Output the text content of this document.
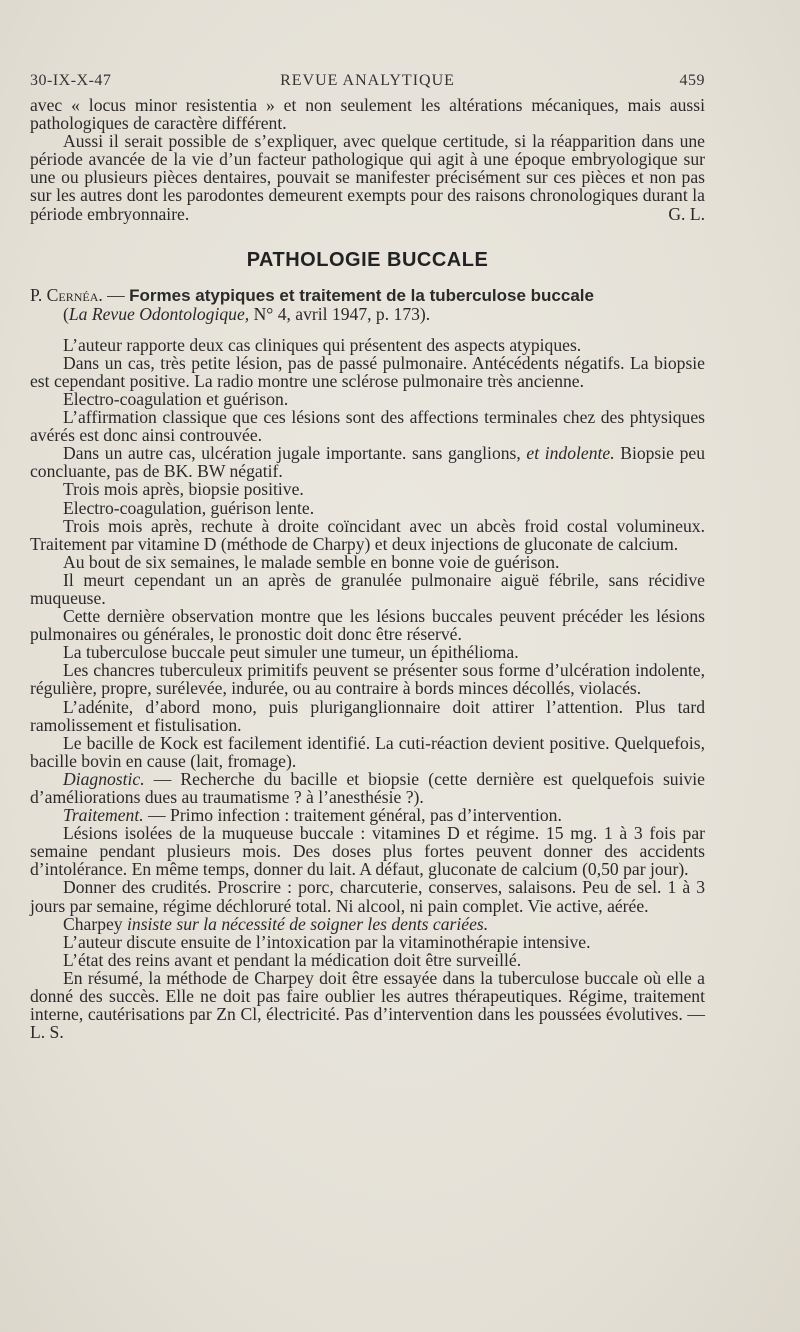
30-IX-X-47	REVUE ANALYTIQUE	459

avec « locus minor resistentia » et non seulement les altérations mécaniques, mais aussi pathologiques de caractère différent.

Aussi il serait possible de s’expliquer, avec quelque certitude, si la réapparition dans une période avancée de la vie d’un facteur pathologique qui agit à une époque embryologique sur une ou plusieurs pièces dentaires, pouvait se manifester précisément sur ces pièces et non pas sur les autres dont les parodontes demeurent exempts pour des raisons chronologiques durant la période embryonnaire.	G. L.

PATHOLOGIE BUCCALE
P. Cernéa. — Formes atypiques et traitement de la tuberculose buccale
(La Revue Odontologique, N° 4, avril 1947, p. 173).

L’auteur rapporte deux cas cliniques qui présentent des aspects atypiques.

Dans un cas, très petite lésion, pas de passé pulmonaire. Antécédents négatifs. La biopsie est cependant positive. La radio montre une sclérose pulmonaire très ancienne.

Electro-coagulation et guérison.

L’affirmation classique que ces lésions sont des affections terminales chez des phtysiques avérés est donc ainsi controuvée.

Dans un autre cas, ulcération jugale importante. sans ganglions, et indolente. Biopsie peu concluante, pas de BK. BW négatif.

Trois mois après, biopsie positive.

Electro-coagulation, guérison lente.

Trois mois après, rechute à droite coïncidant avec un abcès froid costal volumineux. Traitement par vitamine D (méthode de Charpy) et deux injections de gluconate de calcium.

Au bout de six semaines, le malade semble en bonne voie de guérison.

Il meurt cependant un an après de granulée pulmonaire aiguë fébrile, sans récidive muqueuse.

Cette dernière observation montre que les lésions buccales peuvent précéder les lésions pulmonaires ou générales, le pronostic doit donc être réservé.

La tuberculose buccale peut simuler une tumeur, un épithélioma.

Les chancres tuberculeux primitifs peuvent se présenter sous forme d’ulcération indolente, régulière, propre, surélevée, indurée, ou au contraire à bords minces décollés, violacés.

L’adénite, d’abord mono, puis pluriganglionnaire doit attirer l’attention. Plus tard ramolissement et fistulisation.

Le bacille de Kock est facilement identifié. La cuti-réaction devient positive. Quelquefois, bacille bovin en cause (lait, fromage).

Diagnostic. — Recherche du bacille et biopsie (cette dernière est quelquefois suivie d’améliorations dues au traumatisme ? à l’anesthésie ?).

Traitement. — Primo infection : traitement général, pas d’intervention.

Lésions isolées de la muqueuse buccale : vitamines D et régime. 15 mg. 1 à 3 fois par semaine pendant plusieurs mois. Des doses plus fortes peuvent donner des accidents d’intolérance. En même temps, donner du lait. A défaut, gluconate de calcium (0,50 par jour).

Donner des crudités. Proscrire : porc, charcuterie, conserves, salaisons. Peu de sel. 1 à 3 jours par semaine, régime déchloruré total. Ni alcool, ni pain complet. Vie active, aérée.

Charpey insiste sur la nécessité de soigner les dents cariées.

L’auteur discute ensuite de l’intoxication par la vitaminothérapie intensive.

L’état des reins avant et pendant la médication doit être surveillé.

En résumé, la méthode de Charpey doit être essayée dans la tuberculose buccale où elle a donné des succès. Elle ne doit pas faire oublier les autres thérapeutiques. Régime, traitement interne, cautérisations par Zn Cl, électricité. Pas d’intervention dans les poussées évolutives. — L. S.
